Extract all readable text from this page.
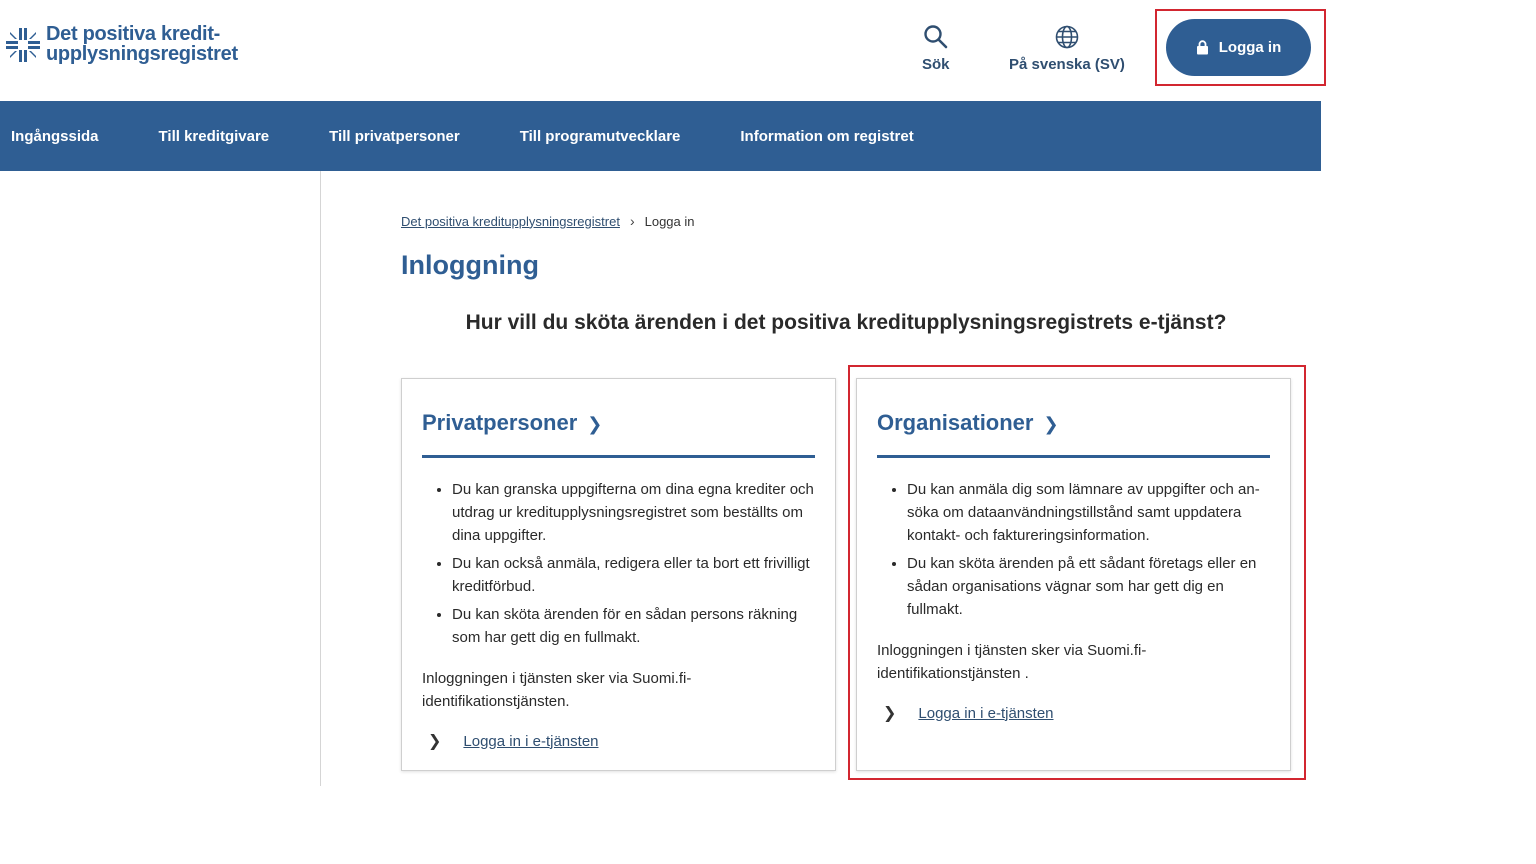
Det positiva kredit-
upplysningsregistret	Sök	På svenska (SV)
Logga in
Ingångssida	Till kreditgivare	Till privatpersoner	Till programutvecklare	Information om registret
Det positiva kreditupplysningsregistret › Logga in
Inloggning
Hur vill du sköta ärenden i det positiva kreditupplysningsregistrets e-tjänst?
Privatpersoner ❯
• Du kan granska uppgifterna om dina egna krediter och utdrag ur kreditupplysningsregistret som beställts om dina uppgifter.
• Du kan också anmäla, redigera eller ta bort ett frivilligt kreditförbud.
• Du kan sköta ärenden för en sådan persons räkning som har gett dig en fullmakt.

Inloggningen i tjänsten sker via Suomi.fi-identifikationstjänsten.

❯ Logga in i e-tjänsten
Organisationer ❯
• Du kan anmäla dig som lämnare av uppgifter och ansöka om dataanvändningstillstånd samt uppdatera kontakt- och faktureringsinformation.
• Du kan sköta ärenden på ett sådant företags eller en sådan organisations vägnar som har gett dig en fullmakt.

Inloggningen i tjänsten sker via Suomi.fi-identifikationstjänsten .

❯ Logga in i e-tjänsten
